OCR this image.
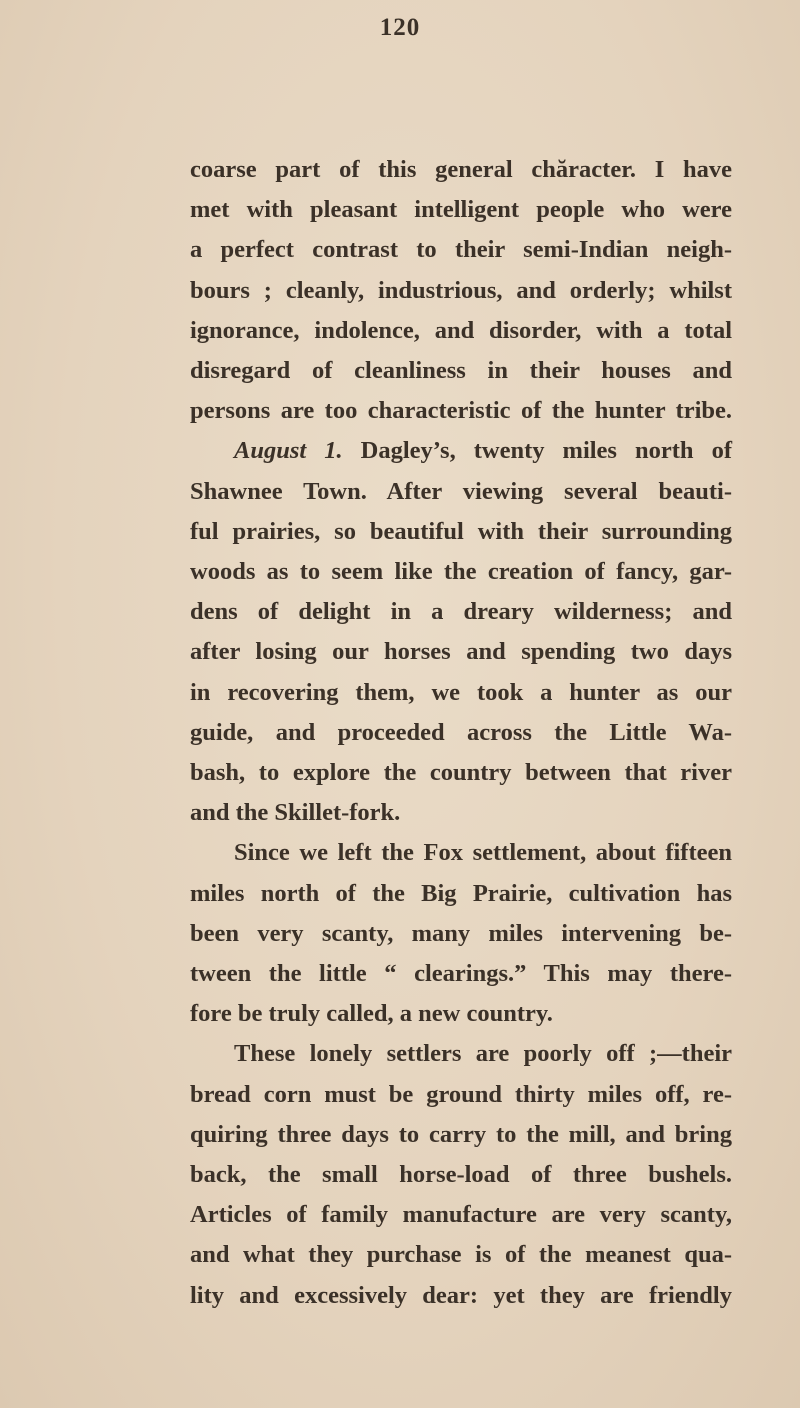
120
coarse part of this general chăracter. I have
met with pleasant intelligent people who were
a perfect contrast to their semi-Indian neigh-
bours ; cleanly, industrious, and orderly; whilst
ignorance, indolence, and disorder, with a total
disregard of cleanliness in their houses and
persons are too characteristic of the hunter tribe.
August 1. Dagley’s, twenty miles north of
Shawnee Town. After viewing several beauti-
ful prairies, so beautiful with their surrounding
woods as to seem like the creation of fancy, gar-
dens of delight in a dreary wilderness; and
after losing our horses and spending two days
in recovering them, we took a hunter as our
guide, and proceeded across the Little Wa-
bash, to explore the country between that river
and the Skillet-fork.
Since we left the Fox settlement, about fifteen
miles north of the Big Prairie, cultivation has
been very scanty, many miles intervening be-
tween the little “ clearings.” This may there-
fore be truly called, a new country.
These lonely settlers are poorly off ;—their
bread corn must be ground thirty miles off, re-
quiring three days to carry to the mill, and bring
back, the small horse-load of three bushels.
Articles of family manufacture are very scanty,
and what they purchase is of the meanest qua-
lity and excessively dear: yet they are friendly
